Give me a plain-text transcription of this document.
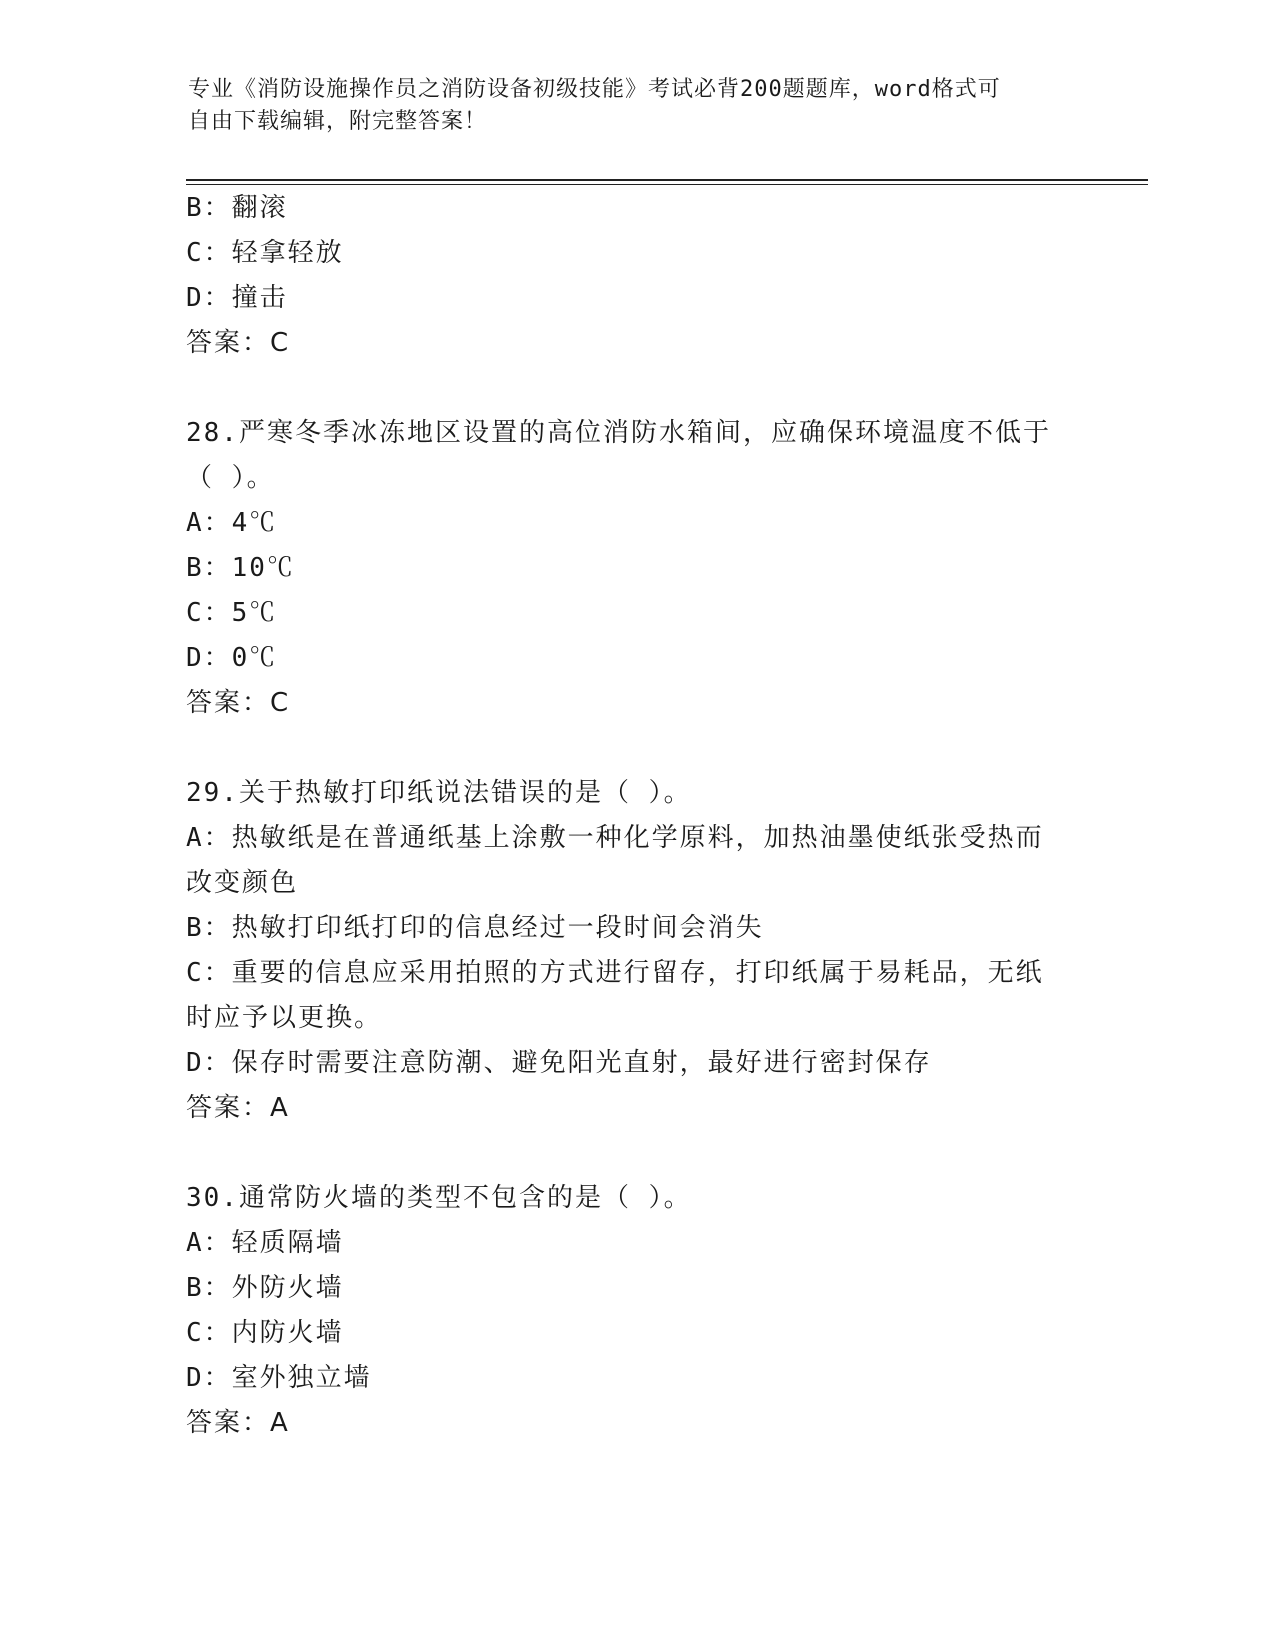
专业《消防设施操作员之消防设备初级技能》考试必背200题题库，word格式可
自由下载编辑，附完整答案！
B：翻滚
C：轻拿轻放
D：撞击
答案：C
28.严寒冬季冰冻地区设置的高位消防水箱间，应确保环境温度不低于
（ ）。
A：4℃
B：10℃
C：5℃
D：0℃
答案：C
29.关于热敏打印纸说法错误的是（ ）。
A：热敏纸是在普通纸基上涂敷一种化学原料，加热油墨使纸张受热而
改变颜色
B：热敏打印纸打印的信息经过一段时间会消失
C：重要的信息应采用拍照的方式进行留存，打印纸属于易耗品，无纸
时应予以更换。
D：保存时需要注意防潮、避免阳光直射，最好进行密封保存
答案：A
30.通常防火墙的类型不包含的是（ ）。
A：轻质隔墙
B：外防火墙
C：内防火墙
D：室外独立墙
答案：A
